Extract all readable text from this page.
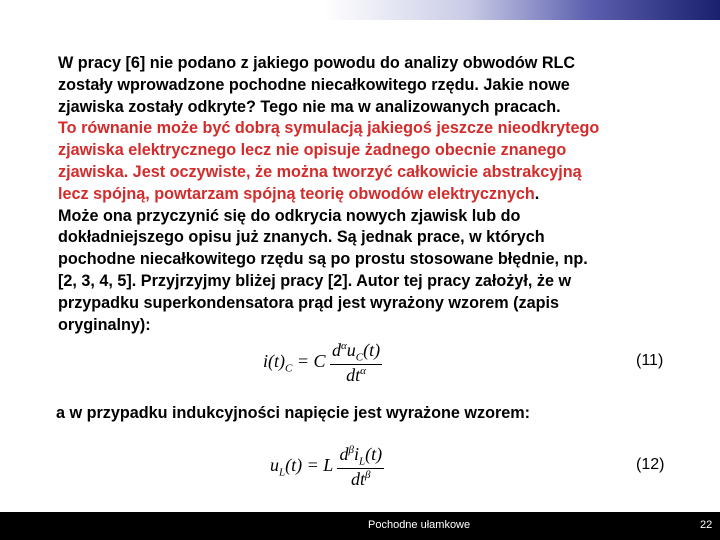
W pracy [6] nie podano z jakiego powodu do analizy obwodów RLC
zostały wprowadzone pochodne niecałkowitego rzędu. Jakie nowe
zjawiska zostały odkryte? Tego nie ma w analizowanych pracach.
To równanie może być dobrą symulacją jakiegoś jeszcze nieodkrytego
zjawiska elektrycznego lecz nie opisuje żadnego obecnie znanego
zjawiska. Jest oczywiste, że można tworzyć całkowicie abstrakcyjną
lecz spójną, powtarzam spójną teorię obwodów elektrycznych.
Może ona przyczynić się do odkrycia nowych zjawisk lub do
dokładniejszego opisu już znanych. Są jednak prace, w których
pochodne niecałkowitego rzędu są po prostu stosowane błędnie, np.
[2, 3, 4, 5]. Przyjrzyjmy bliżej pracy [2]. Autor tej pracy założył, że w
przypadku superkondensatora prąd jest wyrażony wzorem (zapis
oryginalny):
$i(t)_C = C \frac{d^\alpha u_C(t)}{dt^\alpha}$	(11)
a w przypadku indukcyjności napięcie jest wyrażone wzorem:
$u_L(t) = L \frac{d^\beta i_L(t)}{dt^\beta}$	(12)
Pochodne ułamkowe	22
